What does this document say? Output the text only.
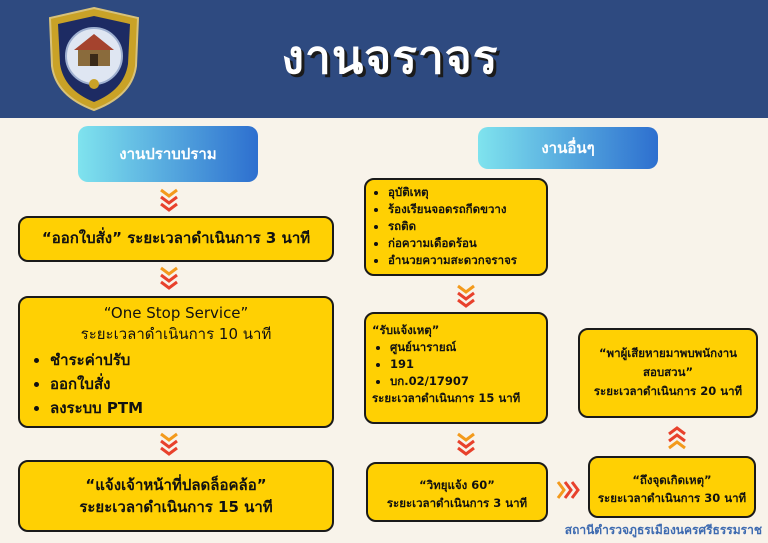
งานจราจร
งานปราบปราม
“ออกใบสั่ง” ระยะเวลาดำเนินการ 3 นาที
“One Stop Service”
ระยะเวลาดำเนินการ 10 นาที
• ชำระค่าปรับ
• ออกใบสั่ง
• ลงระบบ PTM
“แจ้งเจ้าหน้าที่ปลดล็อคล้อ”
ระยะเวลาดำเนินการ 15 นาที
งานอื่นๆ
• อุบัติเหตุ
• ร้องเรียนจอดรถกีดขวาง
• รถติด
• ก่อความเดือดร้อน
• อำนวยความสะดวกจราจร
“รับแจ้งเหตุ”
• ศูนย์นารายณ์
• 191
• บก.02/17907
ระยะเวลาดำเนินการ 15 นาที
“วิทยุแจ้ง 60”
ระยะเวลาดำเนินการ 3 นาที
“ถึงจุดเกิดเหตุ”
ระยะเวลาดำเนินการ 30 นาที
“พาผู้เสียหายมาพบพนักงาน
สอบสวน”
ระยะเวลาดำเนินการ 20 นาที
สถานีตำรวจภูธรเมืองนครศรีธรรมราช
